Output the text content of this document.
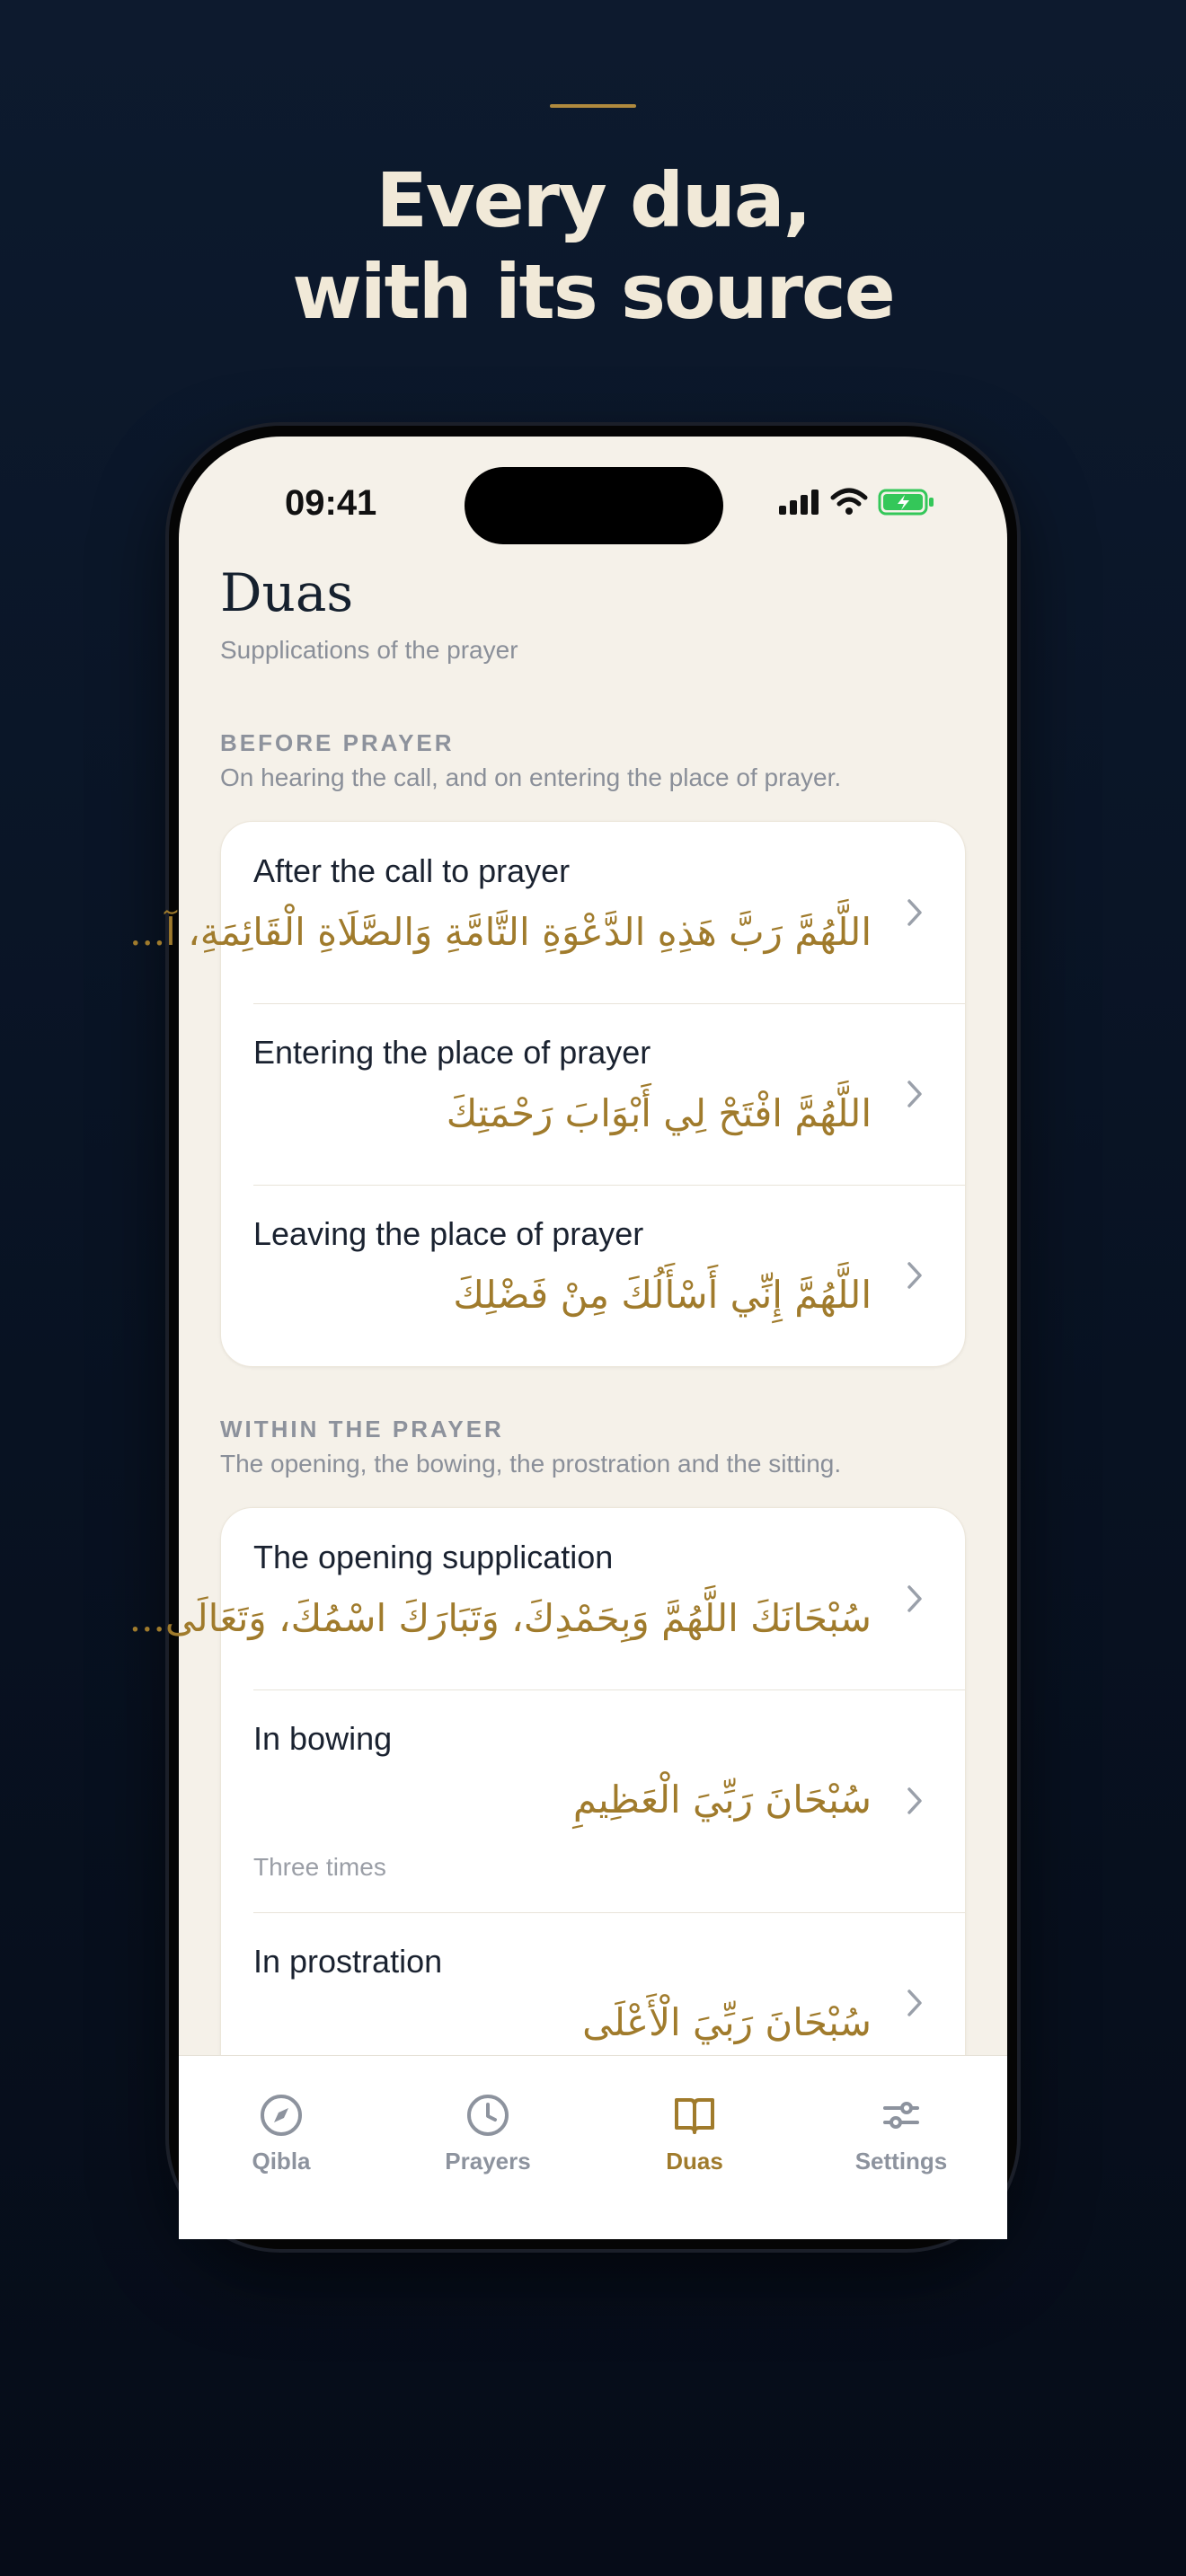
Every dua,
with its source
09:41
Duas
Supplications of the prayer
BEFORE PRAYER
On hearing the call, and on entering the place of prayer.
After the call to prayer
اللَّهُمَّ رَبَّ هَذِهِ الدَّعْوَةِ التَّامَّةِ وَالصَّلَاةِ الْقَائِمَةِ، آ...
Entering the place of prayer
اللَّهُمَّ افْتَحْ لِي أَبْوَابَ رَحْمَتِكَ
Leaving the place of prayer
اللَّهُمَّ إِنِّي أَسْأَلُكَ مِنْ فَضْلِكَ
WITHIN THE PRAYER
The opening, the bowing, the prostration and the sitting.
The opening supplication
سُبْحَانَكَ اللَّهُمَّ وَبِحَمْدِكَ، وَتَبَارَكَ اسْمُكَ، وَتَعَالَى...
In bowing
سُبْحَانَ رَبِّيَ الْعَظِيمِ
Three times
In prostration
سُبْحَانَ رَبِّيَ الْأَعْلَى
Qibla	Prayers	Duas	Settings
